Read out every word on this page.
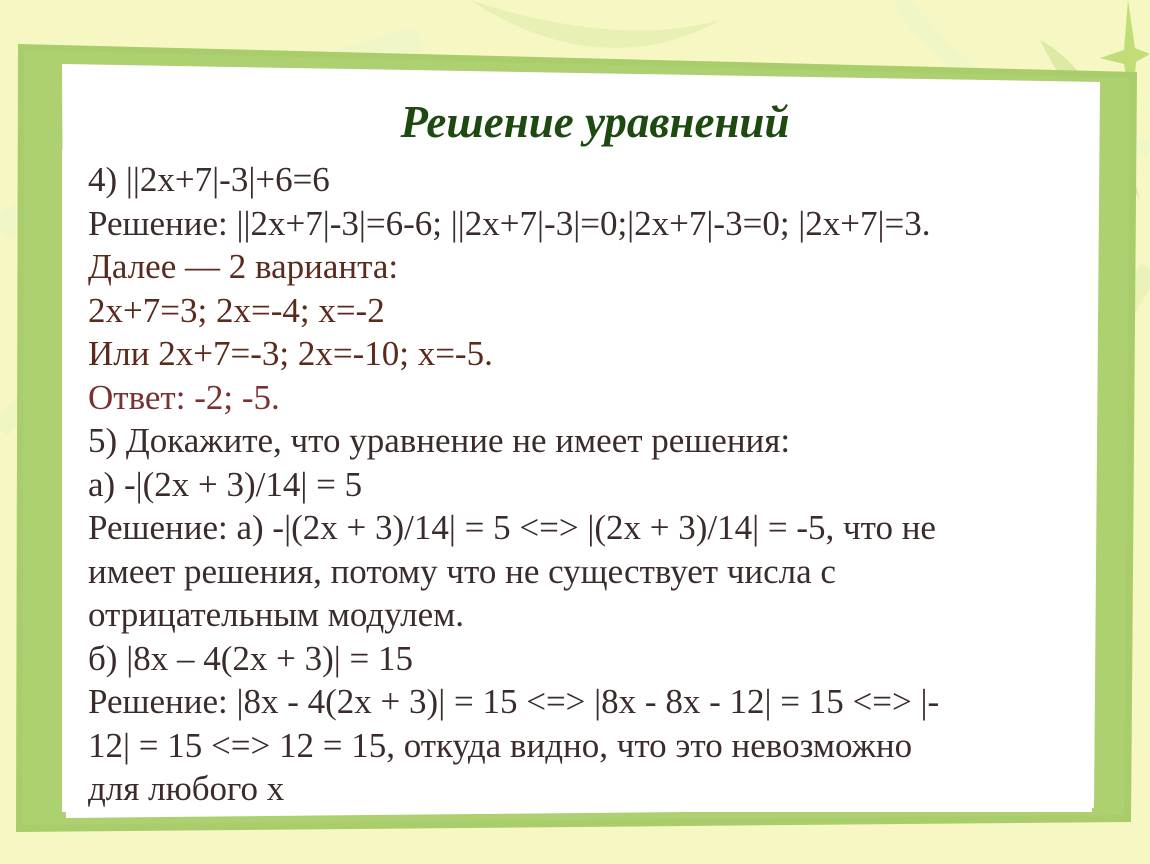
Решение уравнений
4) ||2x+7|-3|+6=6
Решение: ||2x+7|-3|=6-6; ||2x+7|-3|=0;|2x+7|-3=0; |2x+7|=3.
Далее — 2 варианта:
2x+7=3; 2x=-4; x=-2
Или 2x+7=-3; 2x=-10; x=-5.
Ответ: -2; -5.
5) Докажите, что уравнение не имеет решения:
а) -|(2x + 3)/14| = 5
Решение: а) -|(2x + 3)/14| = 5 <=> |(2x + 3)/14| = -5, что не
имеет решения, потому что не существует числа с
отрицательным модулем.
б) |8x – 4(2x + 3)| = 15
Решение: |8x - 4(2x + 3)| = 15 <=> |8x - 8x - 12| = 15 <=> |-
12| = 15 <=> 12 = 15, откуда видно, что это невозможно
для любого х
